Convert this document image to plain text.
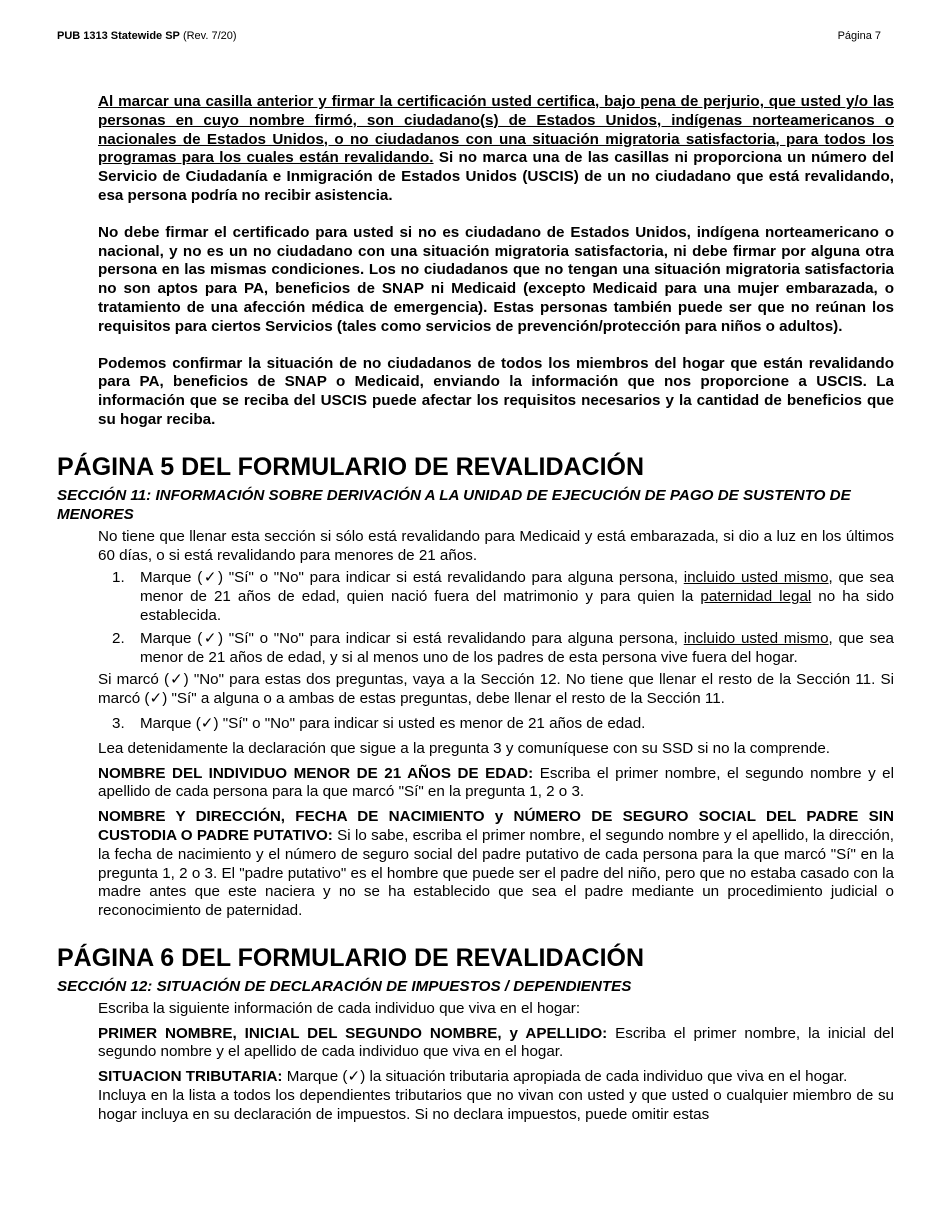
PUB 1313 Statewide SP (Rev. 7/20)	Página 7

Al marcar una casilla anterior y firmar la certificación usted certifica, bajo pena de perjurio, que usted y/o las personas en cuyo nombre firmó, son ciudadano(s) de Estados Unidos, indígenas norteamericanos o nacionales de Estados Unidos, o no ciudadanos con una situación migratoria satisfactoria, para todos los programas para los cuales están revalidando. Si no marca una de las casillas ni proporciona un número del Servicio de Ciudadanía e Inmigración de Estados Unidos (USCIS) de un no ciudadano que está revalidando, esa persona podría no recibir asistencia.

No debe firmar el certificado para usted si no es ciudadano de Estados Unidos, indígena norteamericano o nacional, y no es un no ciudadano con una situación migratoria satisfactoria, ni debe firmar por alguna otra persona en las mismas condiciones. Los no ciudadanos que no tengan una situación migratoria satisfactoria no son aptos para PA, beneficios de SNAP ni Medicaid (excepto Medicaid para una mujer embarazada, o tratamiento de una afección médica de emergencia). Estas personas también puede ser que no reúnan los requisitos para ciertos Servicios (tales como servicios de prevención/protección para niños o adultos).

Podemos confirmar la situación de no ciudadanos de todos los miembros del hogar que están revalidando para PA, beneficios de SNAP o Medicaid, enviando la información que nos proporcione a USCIS. La información que se reciba del USCIS puede afectar los requisitos necesarios y la cantidad de beneficios que su hogar reciba.

PÁGINA 5 DEL FORMULARIO DE REVALIDACIÓN
SECCIÓN 11: INFORMACIÓN SOBRE DERIVACIÓN A LA UNIDAD DE EJECUCIÓN DE PAGO DE SUSTENTO DE MENORES

No tiene que llenar esta sección si sólo está revalidando para Medicaid y está embarazada, si dio a luz en los últimos 60 días, o si está revalidando para menores de 21 años.

1. Marque (✓) "Sí" o "No" para indicar si está revalidando para alguna persona, incluido usted mismo, que sea menor de 21 años de edad, quien nació fuera del matrimonio y para quien la paternidad legal no ha sido establecida.
2. Marque (✓) "Sí" o "No" para indicar si está revalidando para alguna persona, incluido usted mismo, que sea menor de 21 años de edad, y si al menos uno de los padres de esta persona vive fuera del hogar.

Si marcó (✓) "No" para estas dos preguntas, vaya a la Sección 12. No tiene que llenar el resto de la Sección 11. Si marcó (✓) "Sí" a alguna o a ambas de estas preguntas, debe llenar el resto de la Sección 11.

3. Marque (✓) "Sí" o "No" para indicar si usted es menor de 21 años de edad.

Lea detenidamente la declaración que sigue a la pregunta 3 y comuníquese con su SSD si no la comprende.

NOMBRE DEL INDIVIDUO MENOR DE 21 AÑOS DE EDAD: Escriba el primer nombre, el segundo nombre y el apellido de cada persona para la que marcó "Sí" en la pregunta 1, 2 o 3.

NOMBRE Y DIRECCIÓN, FECHA DE NACIMIENTO y NÚMERO DE SEGURO SOCIAL DEL PADRE SIN CUSTODIA O PADRE PUTATIVO: Si lo sabe, escriba el primer nombre, el segundo nombre y el apellido, la dirección, la fecha de nacimiento y el número de seguro social del padre putativo de cada persona para la que marcó "Sí" en la pregunta 1, 2 o 3. El "padre putativo" es el hombre que puede ser el padre del niño, pero que no estaba casado con la madre antes que este naciera y no se ha establecido que sea el padre mediante un procedimiento judicial o reconocimiento de paternidad.

PÁGINA 6 DEL FORMULARIO DE REVALIDACIÓN
SECCIÓN 12: SITUACIÓN DE DECLARACIÓN DE IMPUESTOS / DEPENDIENTES

Escriba la siguiente información de cada individuo que viva en el hogar:

PRIMER NOMBRE, INICIAL DEL SEGUNDO NOMBRE, y APELLIDO: Escriba el primer nombre, la inicial del segundo nombre y el apellido de cada individuo que viva en el hogar.

SITUACION TRIBUTARIA: Marque (✓) la situación tributaria apropiada de cada individuo que viva en el hogar.

Incluya en la lista a todos los dependientes tributarios que no vivan con usted y que usted o cualquier miembro de su hogar incluya en su declaración de impuestos. Si no declara impuestos, puede omitir estas
